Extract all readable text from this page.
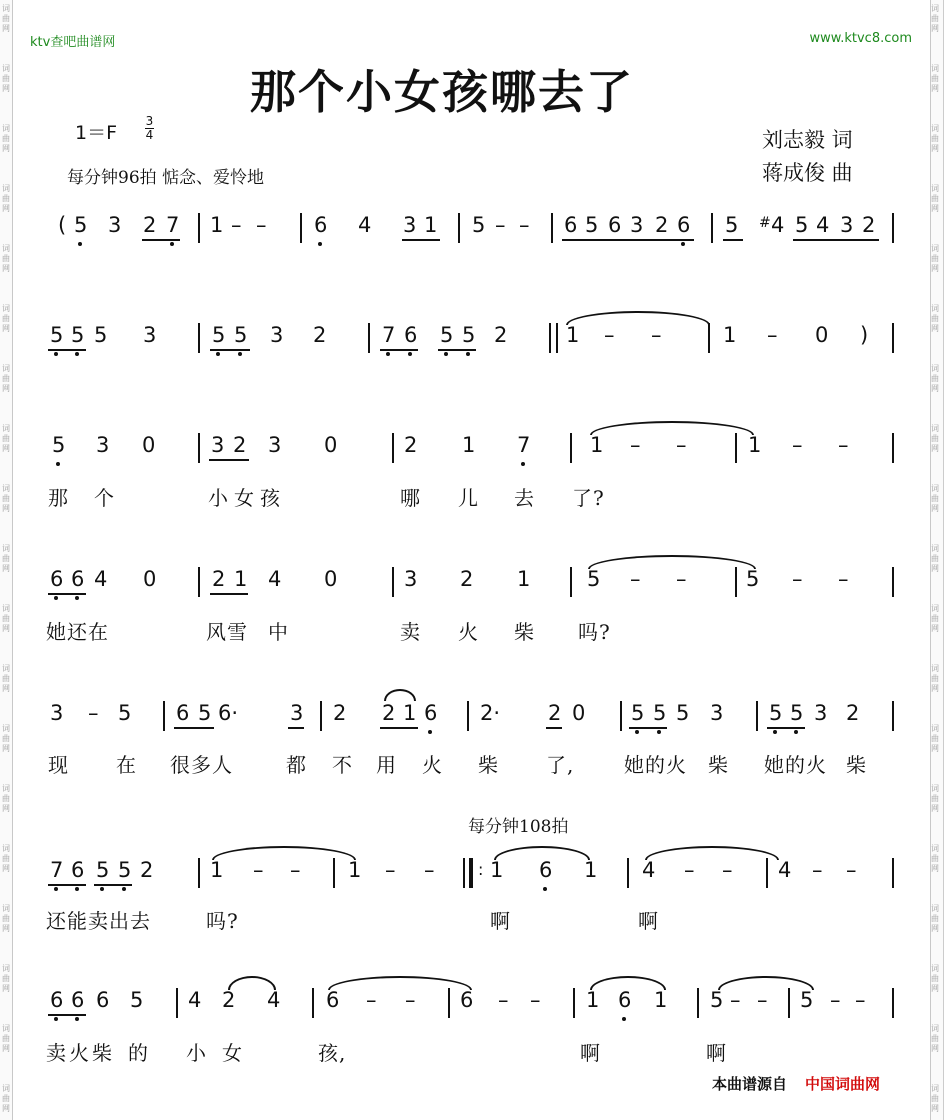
词
曲
网
词
曲
网
词
曲
网
词
曲
网
词
曲
网
词
曲
网
词
曲
网
词
曲
网
词
曲
网
词
曲
网
词
曲
网
词
曲
网
词
曲
网
词
曲
网
词
曲
网
词
曲
网
词
曲
网
词
曲
网
词
曲
网
词
曲
网
词
曲
网
词
曲
网
词
曲
网
词
曲
网
词
曲
网
词
曲
网
词
曲
网
词
曲
网
词
曲
网
词
曲
网
词
曲
网
词
曲
网
词
曲
网
词
曲
网
词
曲
网
词
曲
网
词
曲
网
词
曲
网
ktv查吧曲谱网	www.ktvc8.com
那个小女孩哪去了
1＝F
3
4
每分钟96拍 惦念、爱怜地
刘志毅 词
蒋成俊 曲
( 5 3 2 7 1 – – 6 4 3 1 5 – – 6 5 6 3 2 6 5 # 4 5 4 3 2
5 5 5 3	5 5 3 2	7 6 5 5 2	1 – –	1 – 0 )
5 3 0	3 2 3 0	2 1 7	1 – –	1 – –
6 6 4 0	2 1 4 0	3 2 1	5 – –	5 – –
3 – 5 6 5 6· 3 2 2 1 6 2· 2 0 5 5 5 3 5 5 3 2
7 6 5 5 2	1 – – 1 – –	: 1 6 1 4 – – 4 – –
6 6 6 5 4 2 4 6 – – 6 – – 1 6 1 5 – – 5 – –
那 个	小女孩	哪 儿 去 了?
她还在	风雪 中	卖 火 柴 吗?
现 在 很多人	都 不 用 火 柴 了, 她的火 柴 她的火 柴
每分钟108拍
还能卖出去	吗?	啊	啊
卖火柴 的 小 女	孩,	啊	啊
本曲谱源自 中国词曲网
